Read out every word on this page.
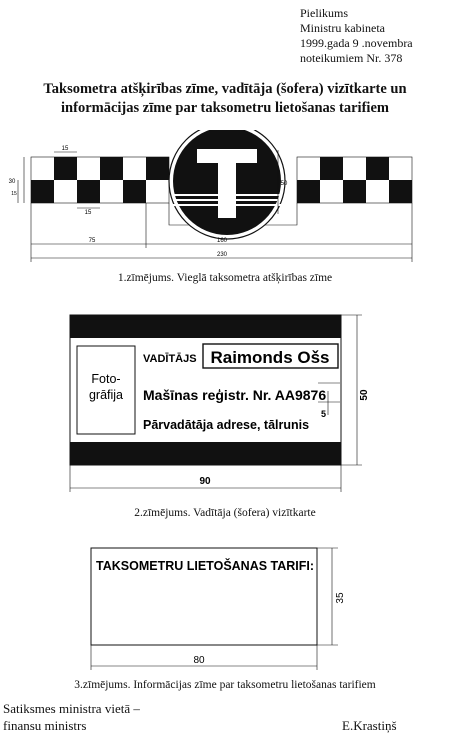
Pielikums
Ministru kabineta
1999.gada 9 .novembra
noteikumiem Nr. 378
Taksometra atšķirības zīme, vadītāja (šofera) vizītkarte un
informācijas zīme par taksometru lietošanas tarifiem
15
15
30
15
50
75	160
230
1.zīmējums. Vieglā taksometra atšķirības zīme
Foto-
grāfija
VADĪTĀJS Raimonds Ošs
Mašīnas reģistr. Nr. AA9876
Pārvadātāja adrese, tālrunis
5
50
90
2.zīmējums. Vadītāja (šofera) vizītkarte
TAKSOMETRU LIETOŠANAS TARIFI:
35
80
3.zīmējums. Informācijas zīme par taksometru lietošanas tarifiem
Satiksmes ministra vietā –
finansu ministrs	E.Krastiņš
